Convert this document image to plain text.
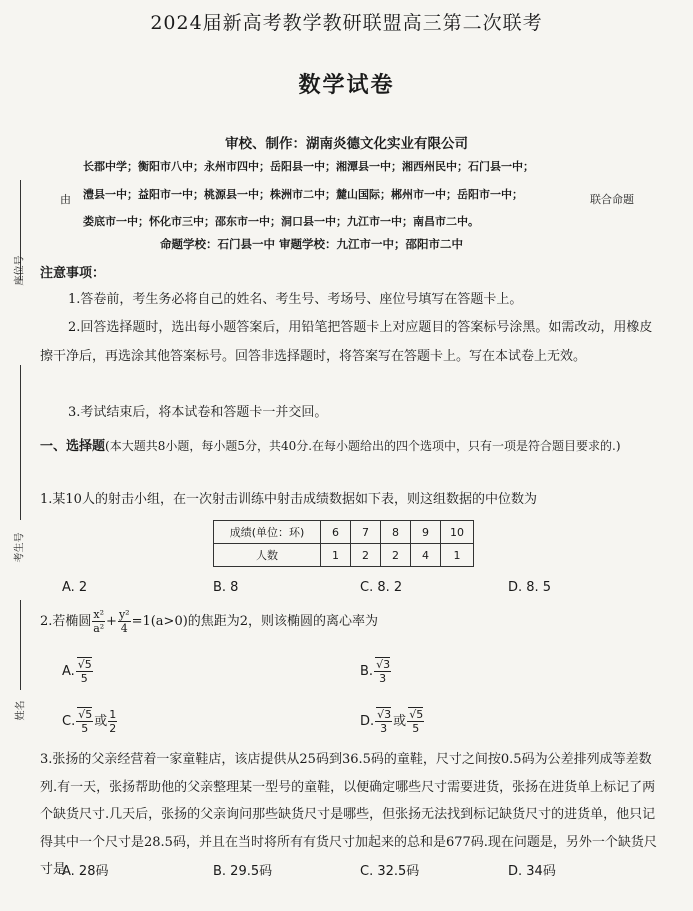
2024届新高考教学教研联盟高三第二次联考
数学试卷
审校、制作：湖南炎德文化实业有限公司
长郡中学；衡阳市八中；永州市四中；岳阳县一中；湘潭县一中；湘西州民中；石门县一中；
澧县一中；益阳市一中；桃源县一中；株洲市二中；麓山国际；郴州市一中；岳阳市一中；
娄底市一中；怀化市三中；邵东市一中；洞口县一中；九江市一中；南昌市二中。
由	联合命题
命题学校：石门县一中 审题学校：九江市一中；邵阳市二中
座位号
考生号
姓名
注意事项：
1.答卷前，考生务必将自己的姓名、考生号、考场号、座位号填写在答题卡上。
2.回答选择题时，选出每小题答案后，用铅笔把答题卡上对应题目的答案标号涂黑。如需改动，用橡皮擦干净后，再选涂其他答案标号。回答非选择题时，将答案写在答题卡上。写在本试卷上无效。
3.考试结束后，将本试卷和答题卡一并交回。
一、选择题(本大题共8小题，每小题5分，共40分.在每小题给出的四个选项中，只有一项是符合题目要求的.)
1.某10人的射击小组，在一次射击训练中射击成绩数据如下表，则这组数据的中位数为
成绩(单位：环)	6	7	8	9	10
人数	1	2	2	4	1
A. 2	B. 8	C. 8. 2	D. 8. 5
2.若椭圆 $\frac{\text{x²}}{\text{a²}} + \frac{\text{y²}}{4} =1(a>0)$的焦距为2，则该椭圆的离心率为
A. $\frac{√5}{5}$	B. $\frac{√3}{3}$
C. $\frac{√5}{5}$ 或 $\frac{1}{2}$	D. $\frac{√3}{3}$ 或 $\frac{√5}{5}$
3.张扬的父亲经营着一家童鞋店，该店提供从25码到36.5码的童鞋，尺寸之间按0.5码为公差排列成等差数列.有一天，张扬帮助他的父亲整理某一型号的童鞋，以便确定哪些尺寸需要进货，张扬在进货单上标记了两个缺货尺寸.几天后，张扬的父亲询问那些缺货尺寸是哪些，但张扬无法找到标记缺货尺寸的进货单，他只记得其中一个尺寸是28.5码，并且在当时将所有有货尺寸加起来的总和是677码.现在问题是，另外一个缺货尺寸是
A. 28码	B. 29.5码	C. 32.5码	D. 34码
